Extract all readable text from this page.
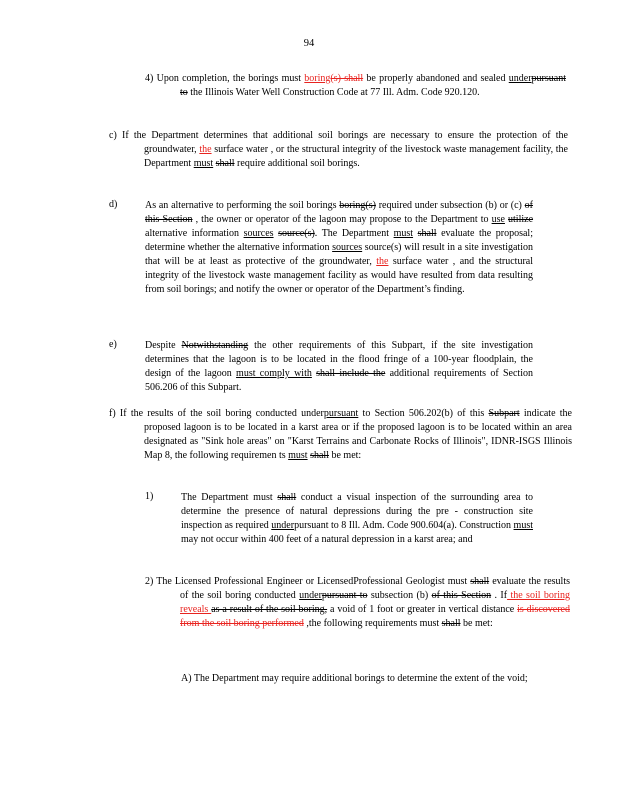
94
4) Upon completion, the borings must boring(s) shall be properly abandoned and sealed underpursuant to the Illinois Water Well Construction Code at 77 Ill. Adm. Code 920.120.
c) If the Department determines that additional soil borings are necessary to ensure the protection of the groundwater, the surface water , or the structural integrity of the livestock waste management facility, the Department must shall require additional soil borings.
d)	As an alternative to performing the soil borings boring(s) required under subsection (b) or (c) of this Section , the owner or operator of the lagoon may propose to the Department to use utilize alternative information sources source(s). The Department must shall evaluate the proposal; determine whether the alternative information sources source(s) will result in a site investigation that will be at least as protective of the groundwater, the surface water , and the structural integrity of the livestock waste management facility as would have resulted from data resulting from soil borings; and notify the owner or operator of the Department’s finding.
e)	Despite Notwithstanding the other requirements of this Subpart, if the site investigation determines that the lagoon is to be located in the flood fringe of a 100-year floodplain, the design of the lagoon must comply with shall include the additional requirements of Section 506.206 of this Subpart.
f) If the results of the soil boring conducted underpursuant to Section 506.202(b) of this Subpart indicate the proposed lagoon is to be located in a karst area or if the proposed lagoon is to be located within an area designated as "Sink hole areas" on "Karst Terrains and Carbonate Rocks of Illinois", IDNR-ISGS Illinois Map 8, the following requiremen ts must shall be met:
1)	The Department must shall conduct a visual inspection of the surrounding area to determine the presence of natural depressions during the pre - construction site inspection as required underpursuant to 8 Ill. Adm. Code 900.604(a). Construction must may not occur within 400 feet of a natural depression in a karst area; and
2) The Licensed Professional Engineer or LicensedProfessional Geologist must shall evaluate the results of the soil boring conducted underpursuant to subsection (b) of this Section . If the soil boring reveals as a result of the soil boring, a void of 1 foot or greater in vertical distance is discovered from the soil boring performed ,the following requirements must shall be met:
A) The Department may require additional borings to determine the extent of the void;
